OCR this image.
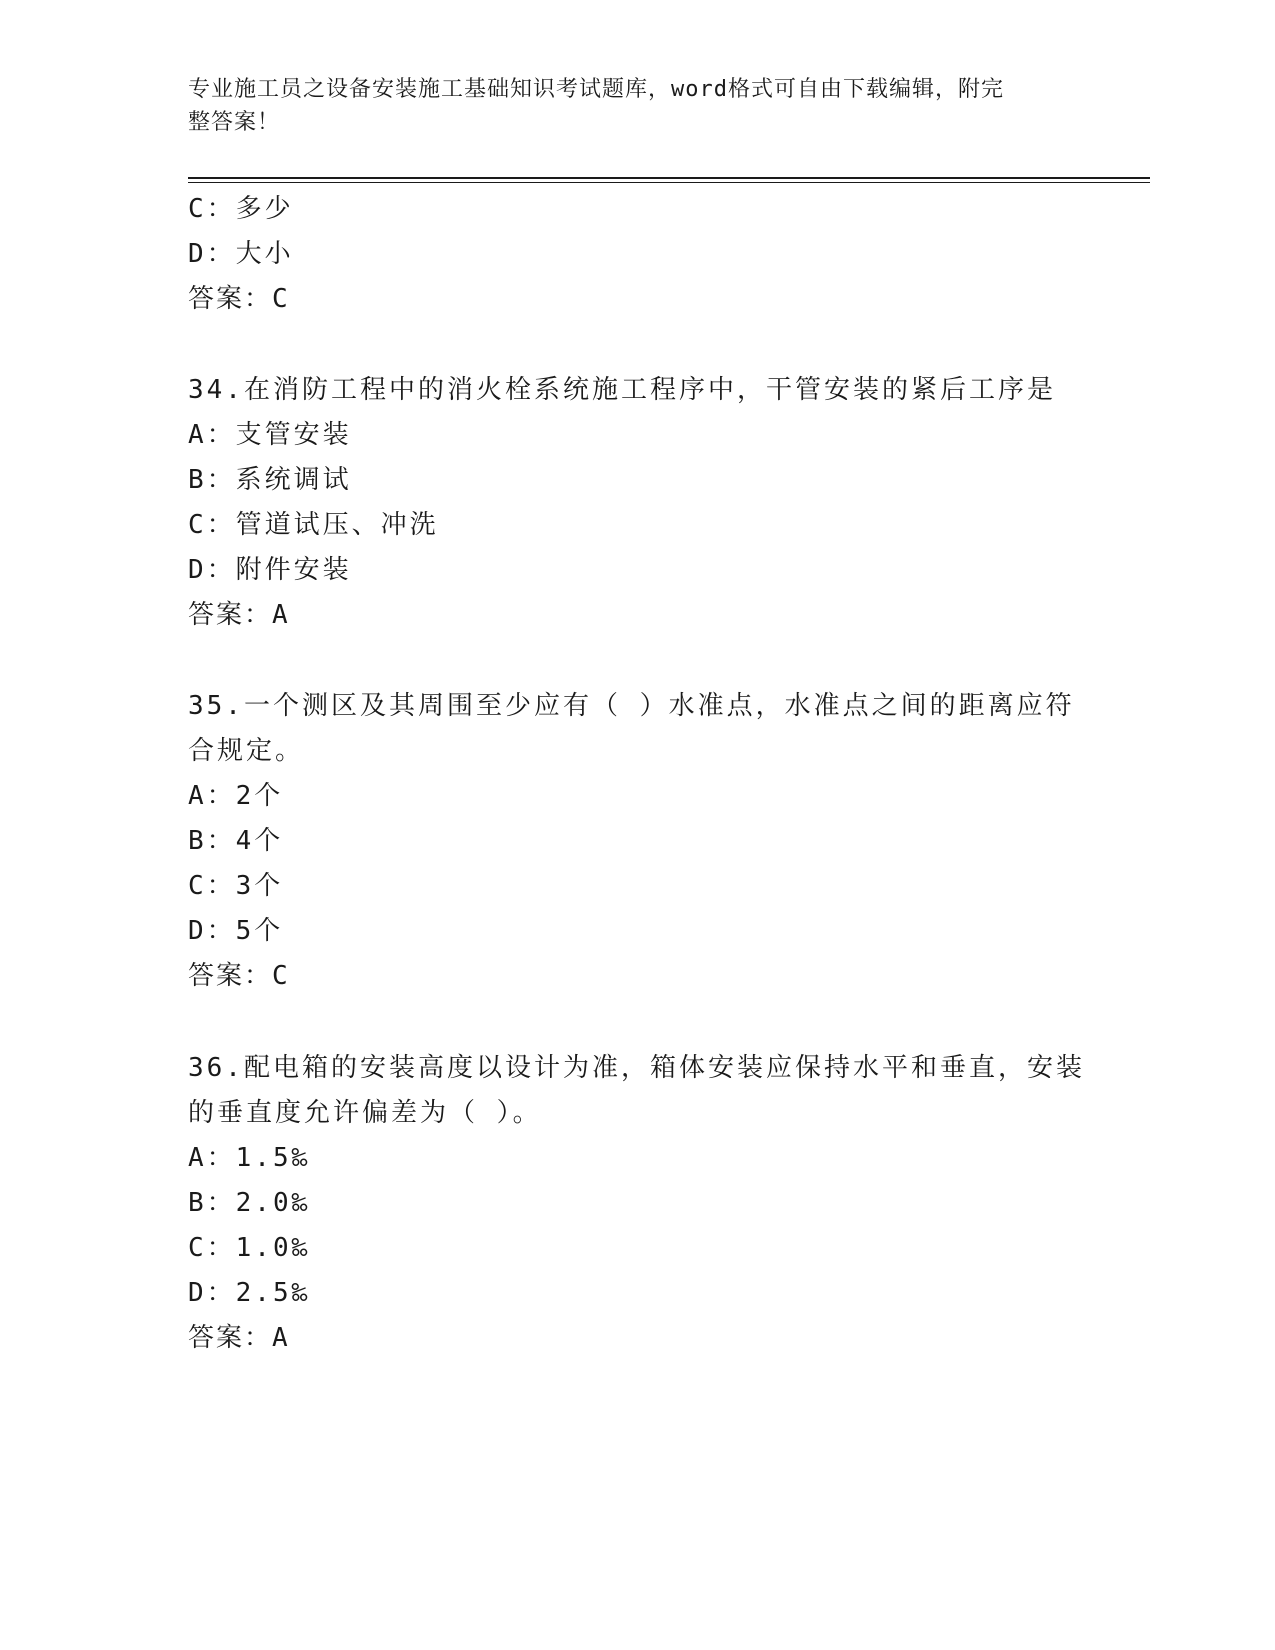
专业施工员之设备安装施工基础知识考试题库，word格式可自由下载编辑，附完
整答案！
C：多少
D：大小
答案：C
34.在消防工程中的消火栓系统施工程序中，干管安装的紧后工序是
A：支管安装
B：系统调试
C：管道试压、冲洗
D：附件安装
答案：A
35.一个测区及其周围至少应有（ ）水准点，水准点之间的距离应符
合规定。
A：2个
B：4个
C：3个
D：5个
答案：C
36.配电箱的安装高度以设计为准，箱体安装应保持水平和垂直，安装
的垂直度允许偏差为（ ）。
A：1.5‰
B：2.0‰
C：1.0‰
D：2.5‰
答案：A
